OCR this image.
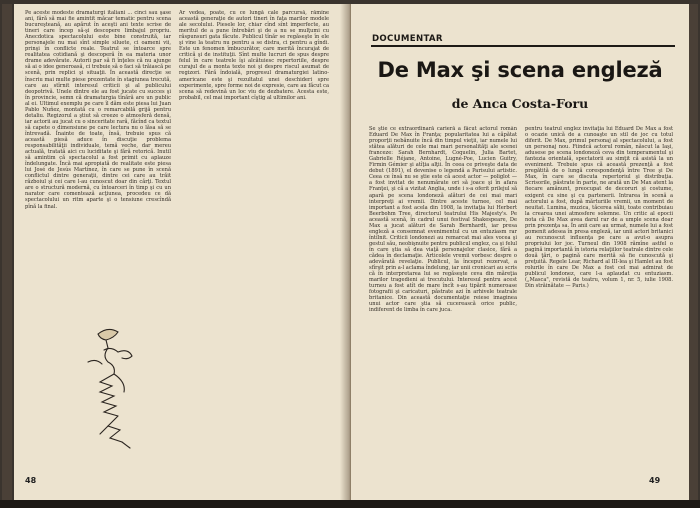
Pe aceste modeste dramaturgi italiani ... cinci sau şase ani, fără să mai fie amintit măcar tematic pentru scena bucureşteană, au apărut în aceşti ani texte scrise de tineri care încep să-şi descopere limbajul propriu. Anecdotica spectacolului este bine construită, iar personajele nu mai sînt simple siluete, ci oameni vii, prinşi în conflicte reale. Teatrul se întoarce spre realitatea cotidiană şi descoperă în ea materia unor drame adevărate. Autorii par să fi înţeles că nu ajunge să ai o idee generoasă, ci trebuie să o faci să trăiască pe scenă, prin replici şi situaţii. În această direcţie se înscriu mai multe piese prezentate în stagiunea trecută, care au stîrnit interesul criticii şi al publicului deopotrivă. Unele dintre ele au fost jucate cu succes şi în provincie, semn că dramaturgia tînără are un public al ei. Ultimul exemplu pe care îl dăm este piesa lui Juan Pablo Nuñez, montată cu o remarcabilă grijă pentru detaliu. Regizorul a ştiut să creeze o atmosferă densă, iar actorii au jucat cu o sinceritate rară, făcînd ca textul să capete o dimensiune pe care lectura nu o lăsa să se întrevadă. Înainte de toate, însă, trebuie spus că această piesă aduce în discuţie problema responsabilităţii individuale, temă veche, dar mereu actuală, tratată aici cu luciditate şi fără retorică. Inutil să amintim că spectacolul a fost primit cu aplauze îndelungate. Încă mai apropiată de realitate este piesa lui José de Jesús Martínez, în care se pune în scenă conflictul dintre generaţii, dintre cei care au trăit războiul şi cei care l-au cunoscut doar din cărţi. Textul are o structură modernă, cu întoarceri în timp şi cu un narator care comentează acţiunea, procedeu ce dă spectacolului un ritm aparte şi o tensiune crescîndă pînă la final.
Ar vedea, poate, cu ce lungă cale parcursă, rămîne această generaţie de autori tineri în faţa marilor modele ale secolului. Piesele lor, chiar cînd sînt imperfecte, au meritul de a pune întrebări şi de a nu se mulţumi cu răspunsuri gata făcute. Publicul tînăr se regăseşte în ele şi vine la teatru nu pentru a se distra, ci pentru a gîndi. Este un fenomen îmbucurător, care merită încurajat de critică şi de instituţii. Sînt multe lucruri de spus despre felul în care teatrele îşi alcătuiesc repertoriile, despre curajul de a monta texte noi şi despre riscul asumat de regizori. Fără îndoială, progresul dramaturgiei latino-americane este şi rezultatul unei deschideri spre experimente, spre forme noi de expresie, care au făcut ca scena să redevină un loc viu de dezbatere. Acesta este, probabil, cel mai important cîştig al ultimilor ani.
48
DOCUMENTAR
De Max şi scena engleză
de Anca Costa-Foru
Se ştie ce extraordinară carieră a făcut actorul român Eduard De Max în Franţa; popularitatea lui a căpătat proporţii nebănuite încă din timpul vieţii, iar numele lui stătea alături de cele mai mari personalităţi ale scenei franceze: Sarah Bernhardt, Coquelin, Julia Bartet, Gabrielle Réjane, Antoine, Lugné-Poe, Lucien Guitry, Firmin Gémier şi atîţia alţii. În ceea ce priveşte data de debut (1891), el devenise o legendă a Parisului artistic. Ceea ce însă nu se ştie este că acest actor — poliglot — a fost invitat de nenumărate ori să joace şi în afara Franţei, şi că a vizitat Anglia, unde i s-a oferit prilejul să apară pe scena londoneză alături de cei mai mari interpreţi ai vremii. Dintre aceste turnee, cel mai important a fost acela din 1908, la invitaţia lui Herbert Beerbohm Tree, directorul teatrului His Majesty's. Pe această scenă, în cadrul unui festival Shakespeare, De Max a jucat alături de Sarah Bernhardt, iar presa engleză a consemnat evenimentul cu un entuziasm rar întîlnit. Criticii londonezi au remarcat mai ales vocea şi gestul său, neobişnuite pentru publicul englez, ca şi felul în care ştia să dea viaţă personajelor clasice, fără a cădea în declamaţie. Articolele vremii vorbesc despre o adevărată revelaţie. Publicul, la început rezervat, a sfîrşit prin a-l aclama îndelung, iar unii cronicari au scris că în interpretarea lui se regăseşte ceva din măreţia marilor tragedieni ai trecutului. Interesul pentru acest turneu a fost atît de mare încît s-au tipărit numeroase fotografii şi caricaturi, păstrate azi în arhivele teatrale britanice. Din această documentaţie reiese imaginea unui actor care ştia să cucerească orice public, indiferent de limba în care juca.
pentru teatrul englez invitaţia lui Eduard De Max a fost o ocazie unică de a cunoaşte un stil de joc cu totul diferit. De Max, primul personaj al spectacolului, a fost un personaj nou. Fiindcă actorul român, născut la Iaşi, adusese pe scena londoneză ceva din temperamentul şi fantezia orientală, spectatorii au simţit că asistă la un eveniment. Trebuie spus că această prezenţă a fost pregătită de o lungă corespondenţă între Tree şi De Max, în care se discuta repertoriul şi distribuţia. Scrisorile, păstrate în parte, ne arată un De Max atent la fiecare amănunt, preocupat de decoruri şi costume, exigent cu sine şi cu partenerii. Intrarea în scenă a actorului a fost, după mărturiile vremii, un moment de neuitat. Lumina, muzica, tăcerea sălii, toate contribuiau la crearea unei atmosfere solemne. Un critic al epocii nota că De Max avea darul rar de a umple scena doar prin prezenţa sa. În anii care au urmat, numele lui a fost pomenit adesea în presa engleză, iar unii actori britanici au recunoscut influenţa pe care a avut-o asupra propriului lor joc. Turneul din 1908 rămîne astfel o pagină importantă în istoria relaţiilor teatrale dintre cele două ţări, o pagină care merită să fie cunoscută şi preţuită. Regele Lear, Richard al III-lea şi Hamlet au fost rolurile în care De Max a fost cel mai admirat de publicul londonez, care l-a aplaudat cu entuziasm. („Masca", revistă de teatru, volum 1, nr. 5, iulie 1908. Din străinătate — Paris.)
49
